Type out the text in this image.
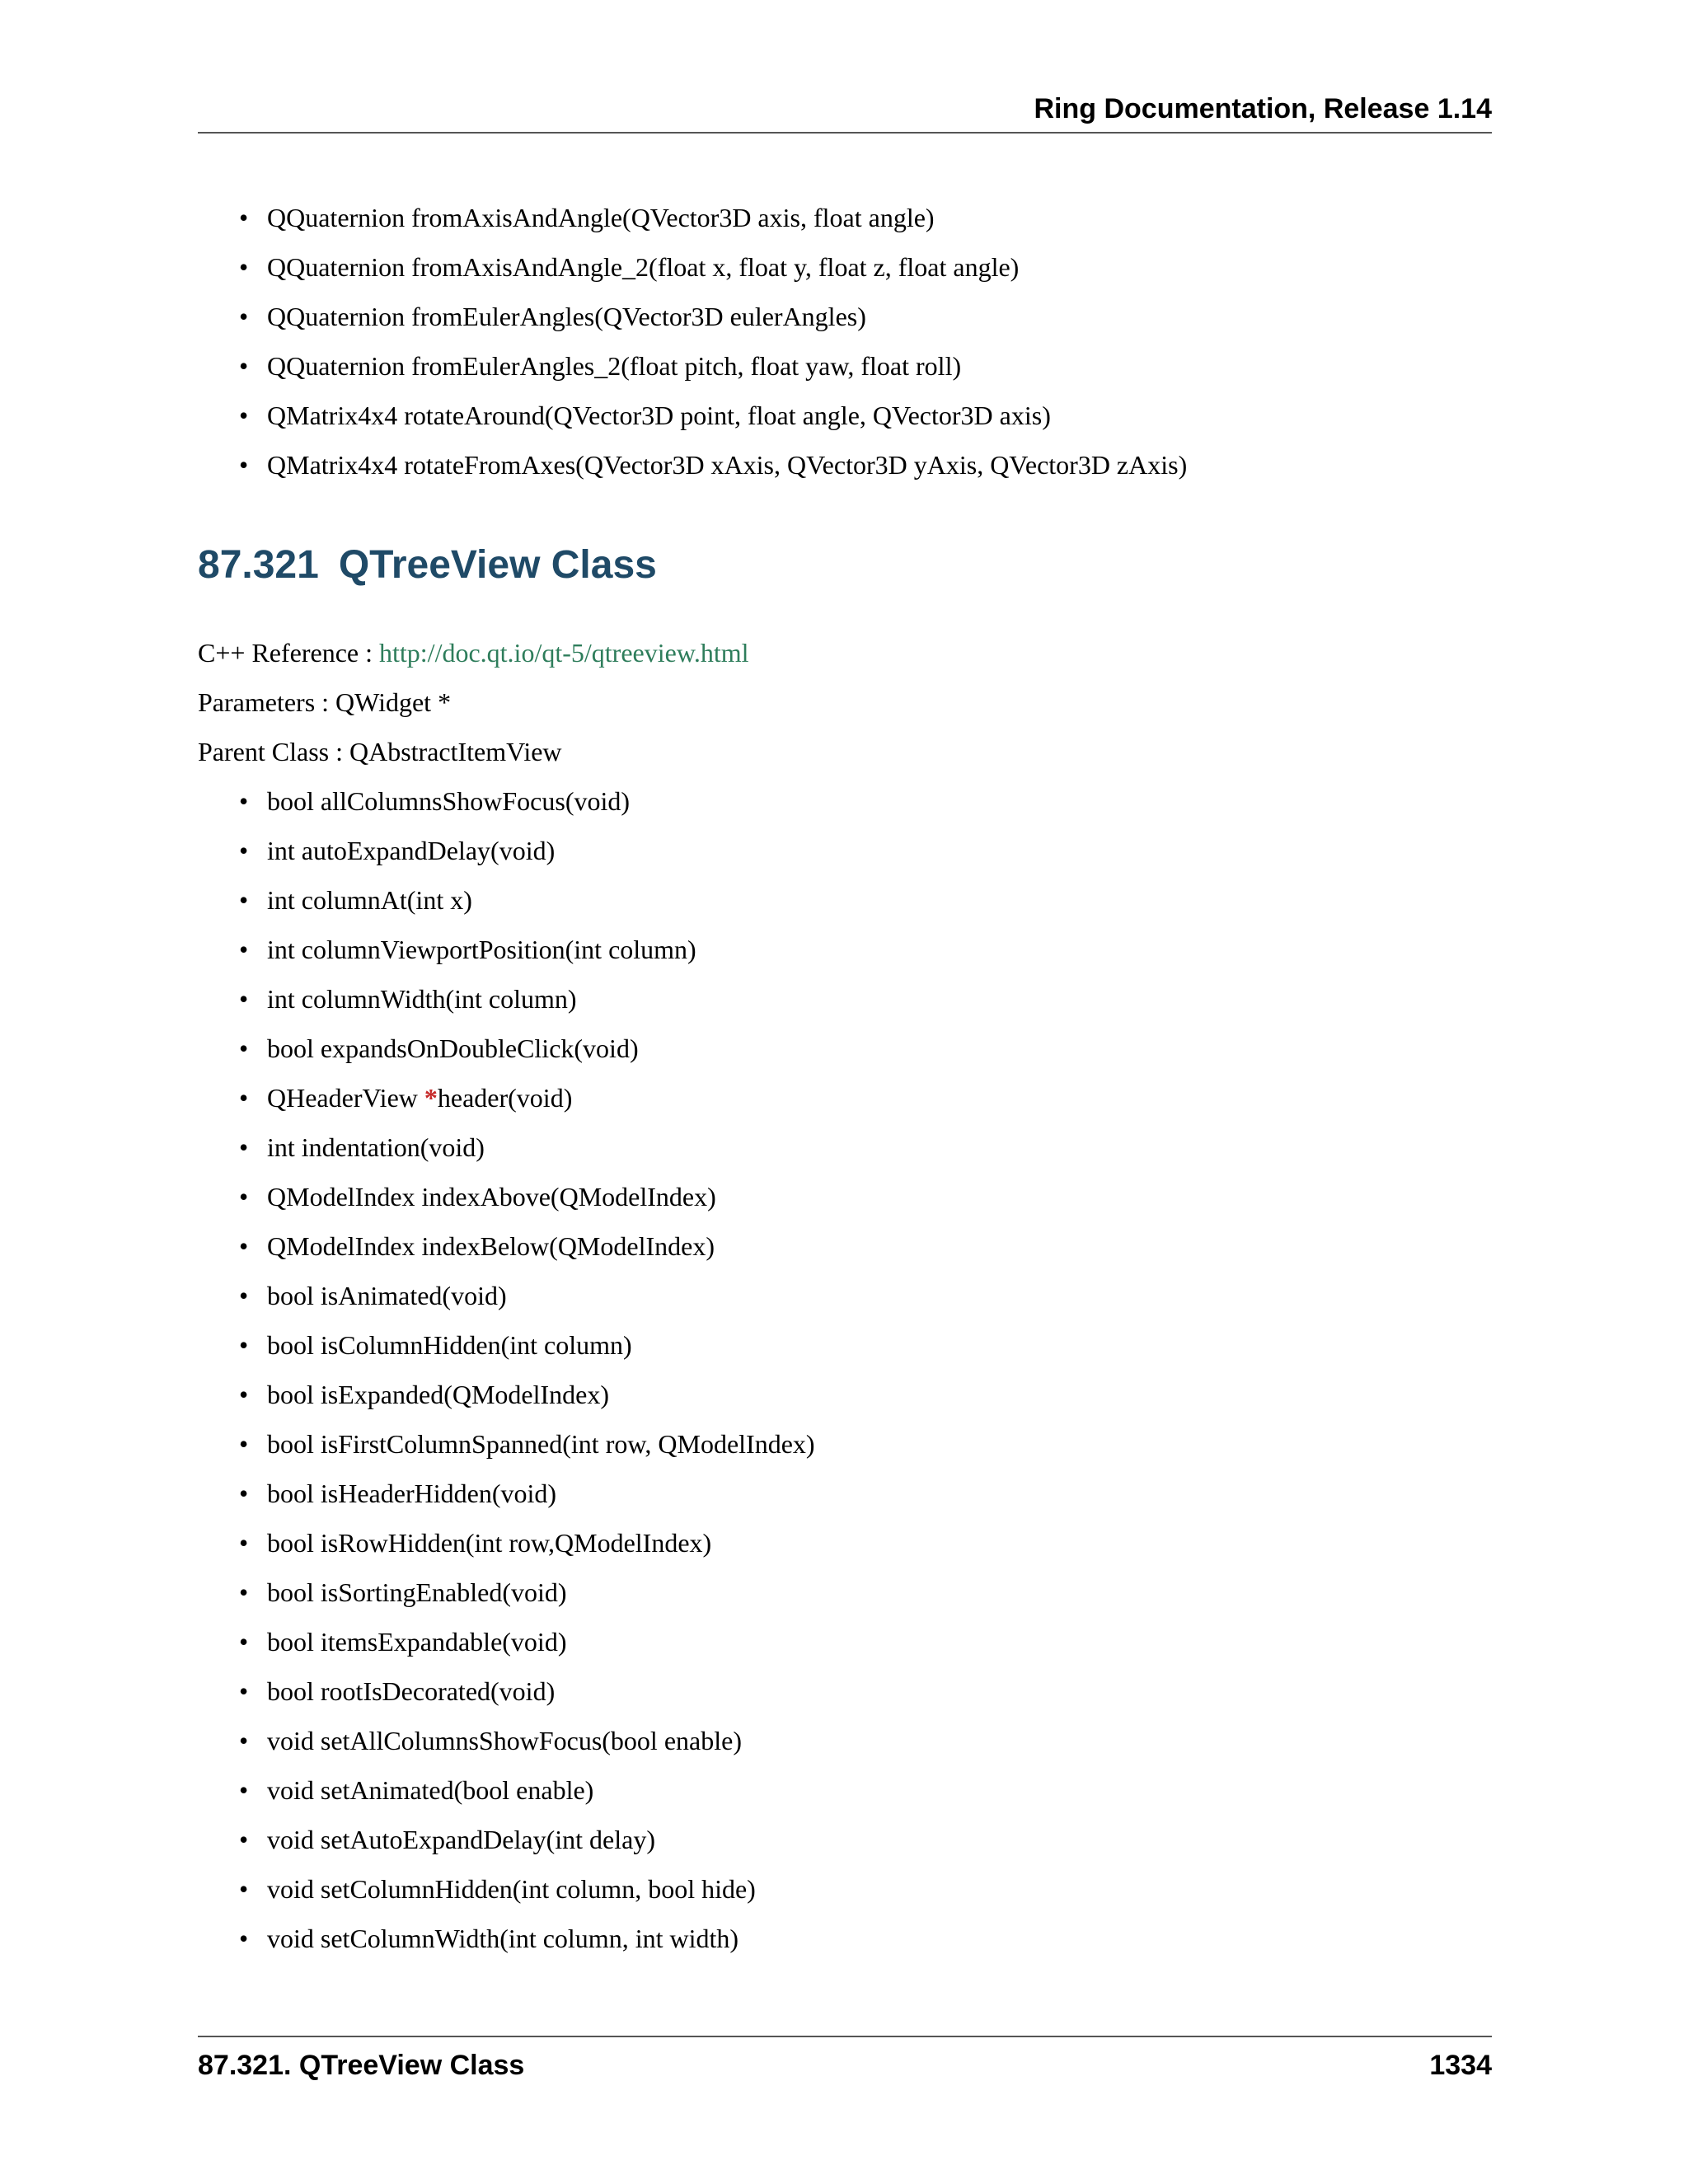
Ring Documentation, Release 1.14
• QQuaternion fromAxisAndAngle(QVector3D axis, float angle)
• QQuaternion fromAxisAndAngle_2(float x, float y, float z, float angle)
• QQuaternion fromEulerAngles(QVector3D eulerAngles)
• QQuaternion fromEulerAngles_2(float pitch, float yaw, float roll)
• QMatrix4x4 rotateAround(QVector3D point, float angle, QVector3D axis)
• QMatrix4x4 rotateFromAxes(QVector3D xAxis, QVector3D yAxis, QVector3D zAxis)
87.321 QTreeView Class
C++ Reference : http://doc.qt.io/qt-5/qtreeview.html
Parameters : QWidget *
Parent Class : QAbstractItemView
• bool allColumnsShowFocus(void)
• int autoExpandDelay(void)
• int columnAt(int x)
• int columnViewportPosition(int column)
• int columnWidth(int column)
• bool expandsOnDoubleClick(void)
• QHeaderView *header(void)
• int indentation(void)
• QModelIndex indexAbove(QModelIndex)
• QModelIndex indexBelow(QModelIndex)
• bool isAnimated(void)
• bool isColumnHidden(int column)
• bool isExpanded(QModelIndex)
• bool isFirstColumnSpanned(int row, QModelIndex)
• bool isHeaderHidden(void)
• bool isRowHidden(int row,QModelIndex)
• bool isSortingEnabled(void)
• bool itemsExpandable(void)
• bool rootIsDecorated(void)
• void setAllColumnsShowFocus(bool enable)
• void setAnimated(bool enable)
• void setAutoExpandDelay(int delay)
• void setColumnHidden(int column, bool hide)
• void setColumnWidth(int column, int width)
87.321. QTreeView Class	1334
